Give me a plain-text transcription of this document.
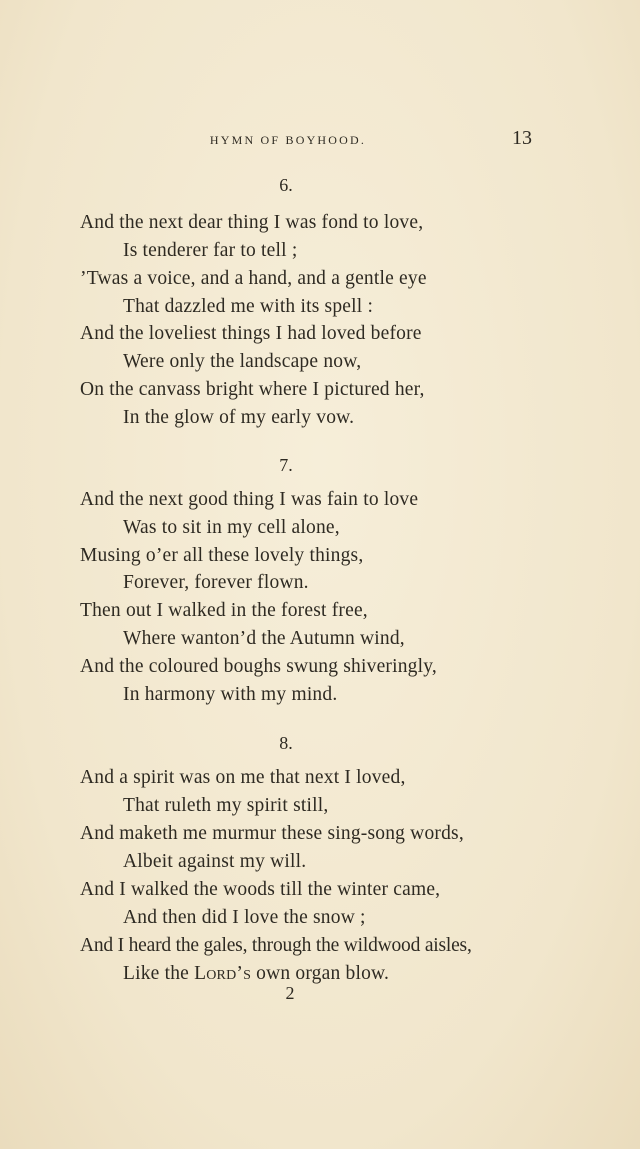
HYMN OF BOYHOOD.	13
6.
And the next dear thing I was fond to love,
Is tenderer far to tell ;
’Twas a voice, and a hand, and a gentle eye
That dazzled me with its spell :
And the loveliest things I had loved before
Were only the landscape now,
On the canvass bright where I pictured her,
In the glow of my early vow.
7.
And the next good thing I was fain to love
Was to sit in my cell alone,
Musing o’er all these lovely things,
Forever, forever flown.
Then out I walked in the forest free,
Where wanton’d the Autumn wind,
And the coloured boughs swung shiveringly,
In harmony with my mind.
8.
And a spirit was on me that next I loved,
That ruleth my spirit still,
And maketh me murmur these sing-song words,
Albeit against my will.
And I walked the woods till the winter came,
And then did I love the snow ;
And I heard the gales, through the wildwood aisles,
Like the Lord’s own organ blow.
2
